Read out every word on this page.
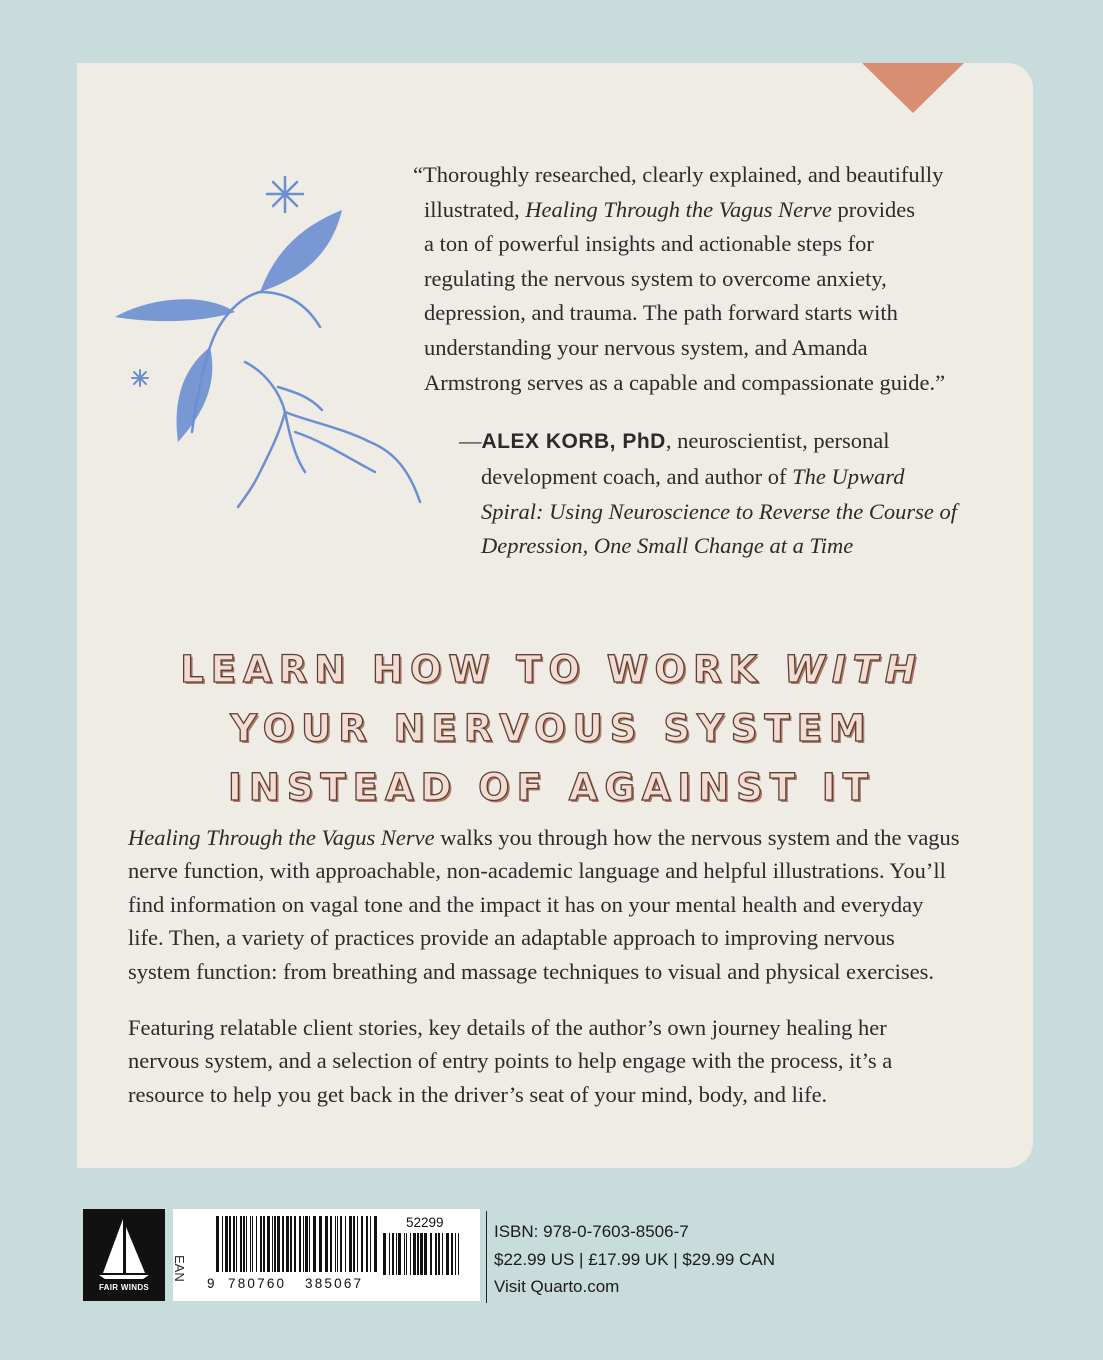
“Thoroughly researched, clearly explained, and beautifully
illustrated, Healing Through the Vagus Nerve provides
a ton of powerful insights and actionable steps for
regulating the nervous system to overcome anxiety,
depression, and trauma. The path forward starts with
understanding your nervous system, and Amanda
Armstrong serves as a capable and compassionate guide.”
—ALEX KORB, PhD, neuroscientist, personal
development coach, and author of The Upward
Spiral: Using Neuroscience to Reverse the Course of
Depression, One Small Change at a Time
LEARN HOW TO WORK WITH
YOUR NERVOUS SYSTEM
INSTEAD OF AGAINST IT
Healing Through the Vagus Nerve walks you through how the nervous system and the vagus
nerve function, with approachable, non-academic language and helpful illustrations. You’ll
find information on vagal tone and the impact it has on your mental health and everyday
life. Then, a variety of practices provide an adaptable approach to improving nervous
system function: from breathing and massage techniques to visual and physical exercises.
Featuring relatable client stories, key details of the author’s own journey healing her
nervous system, and a selection of entry points to help engage with the process, it’s a
resource to help you get back in the driver’s seat of your mind, body, and life.
FAIR WINDS
EAN
52299
9 780760 385067
ISBN: 978-0-7603-8506-7
$22.99 US | £17.99 UK | $29.99 CAN
Visit Quarto.com
